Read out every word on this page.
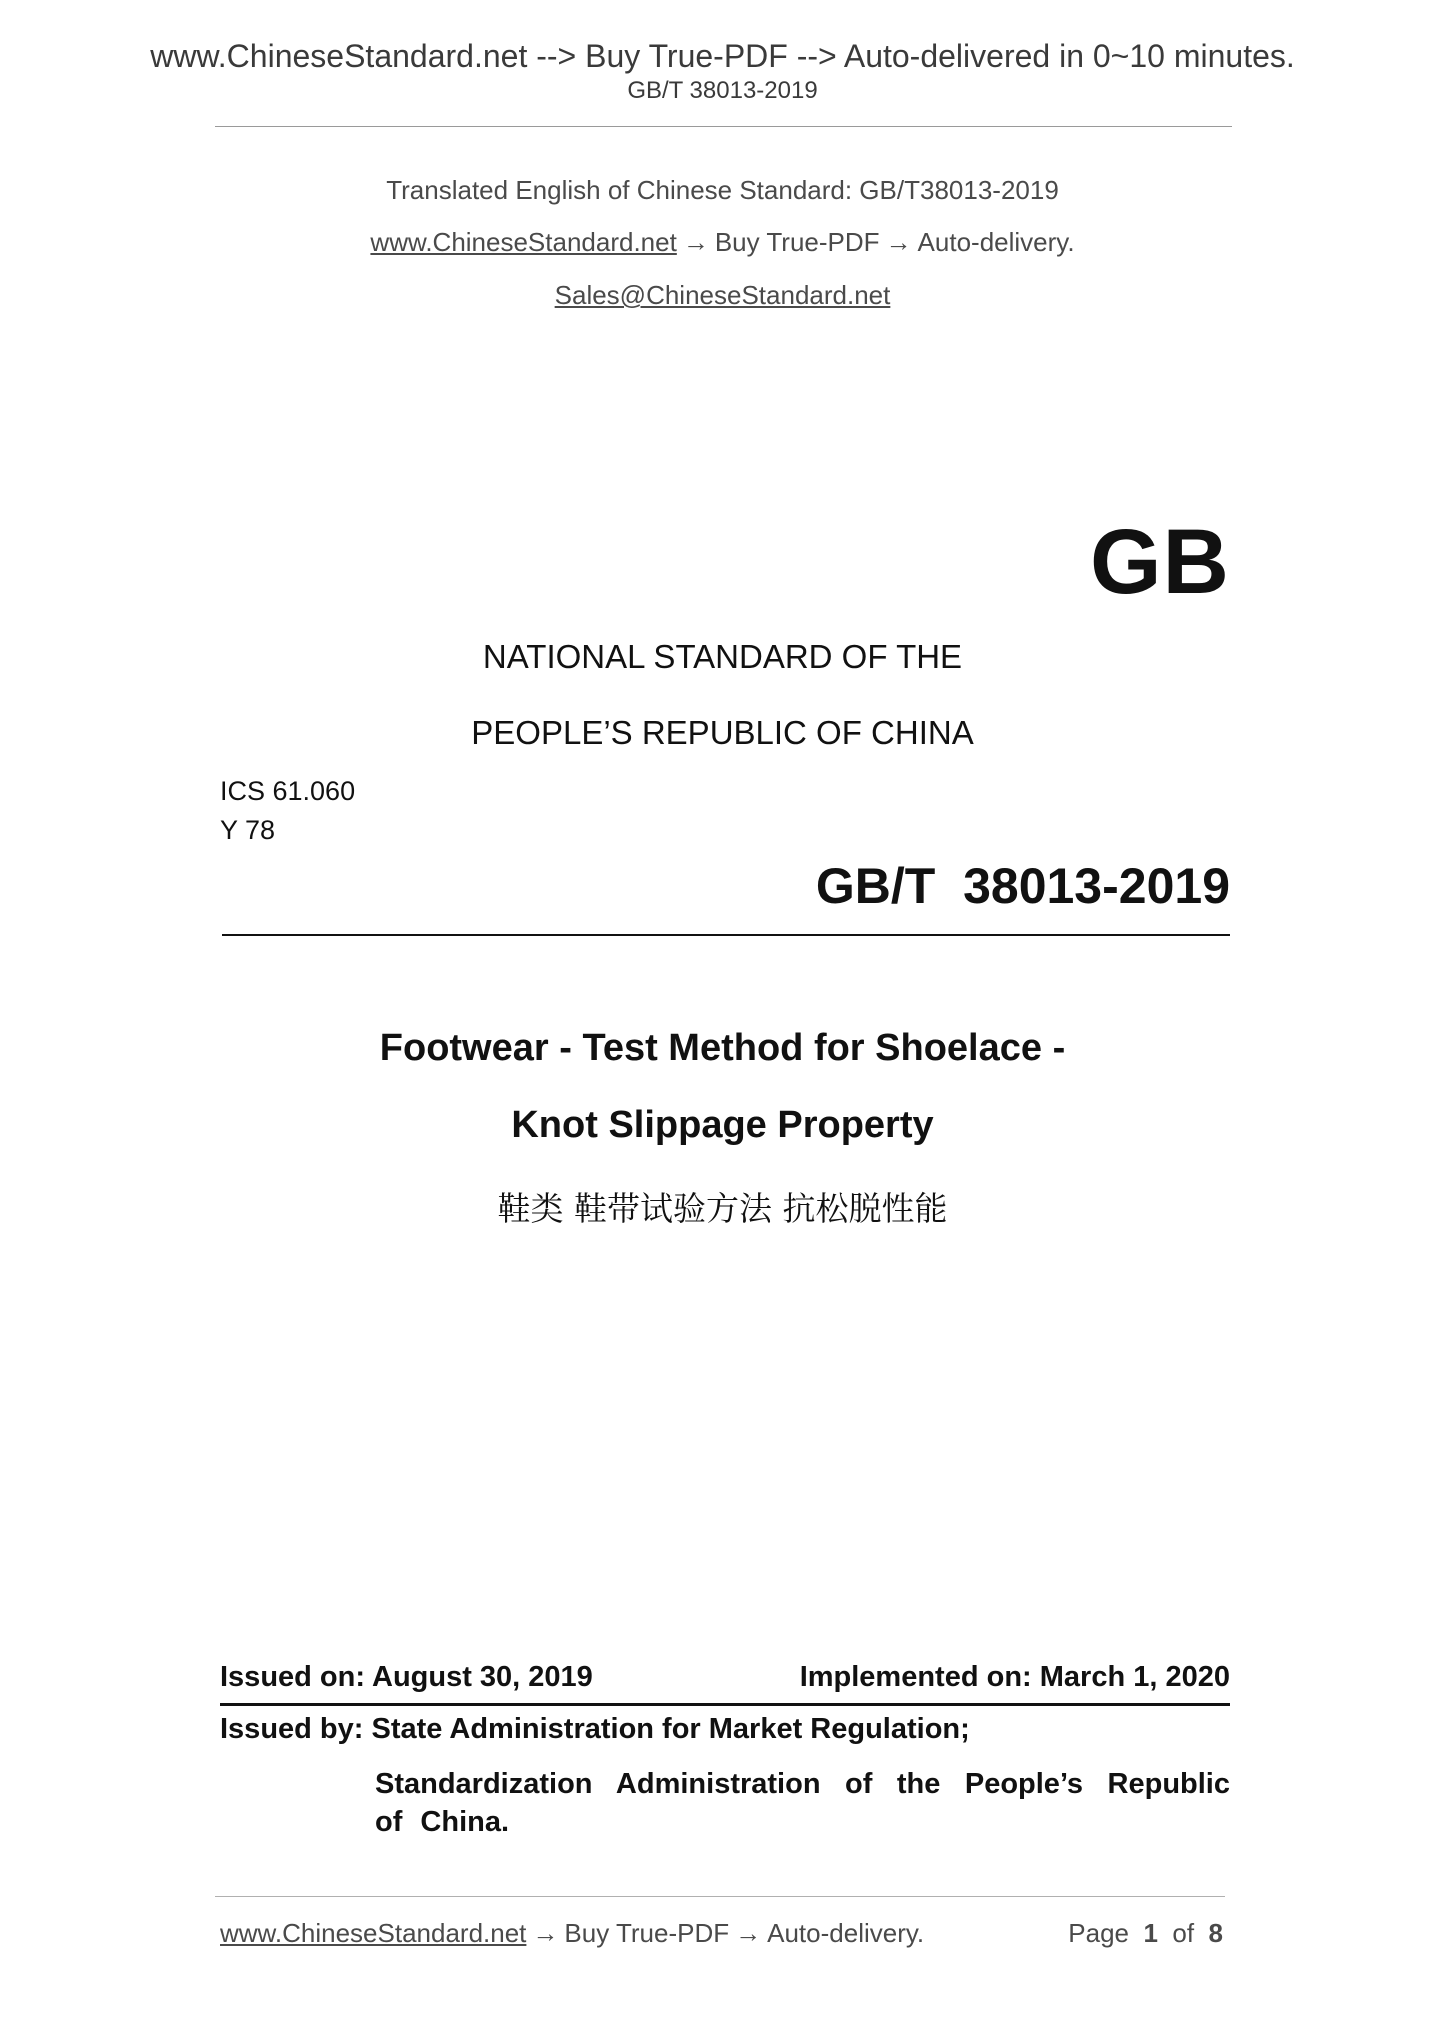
www.ChineseStandard.net --> Buy True-PDF --> Auto-delivered in 0~10 minutes.
GB/T 38013-2019
Translated English of Chinese Standard: GB/T38013-2019
www.ChineseStandard.net → Buy True-PDF → Auto-delivery.
Sales@ChineseStandard.net
GB
NATIONAL STANDARD OF THE
PEOPLE’S REPUBLIC OF CHINA
ICS 61.060
Y 78
GB/T  38013-2019
Footwear - Test Method for Shoelace -
Knot Slippage Property
鞋类 鞋带试验方法 抗松脱性能
Issued on: August 30, 2019	Implemented on: March 1, 2020
Issued by: State Administration for Market Regulation;
Standardization Administration of the People’s Republic of China.
www.ChineseStandard.net → Buy True-PDF → Auto-delivery.	Page 1 of 8
